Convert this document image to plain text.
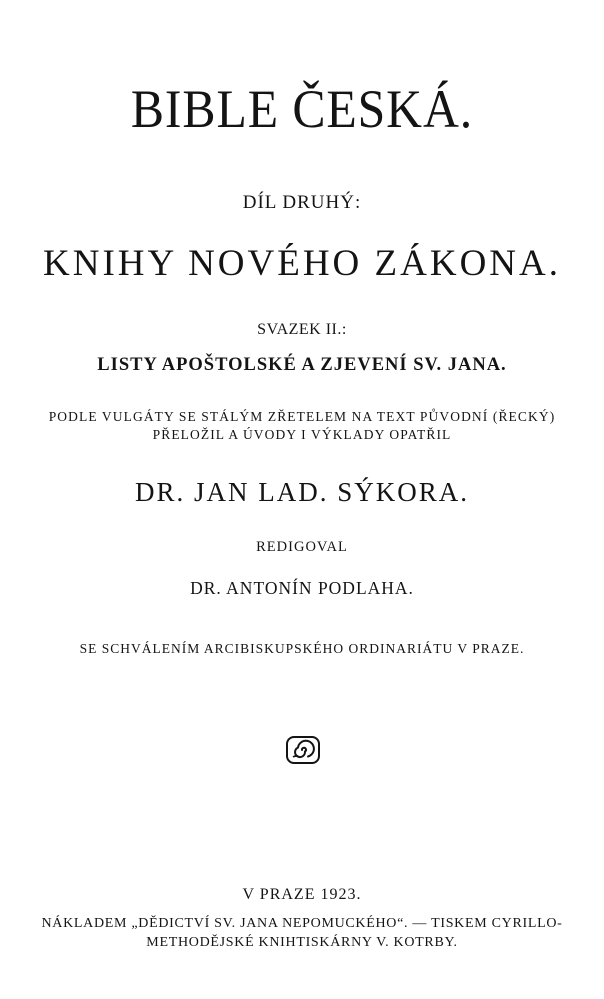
BIBLE ČESKÁ.
DÍL DRUHÝ:
KNIHY NOVÉHO ZÁKONA.
SVAZEK II.:
LISTY APOŠTOLSKÉ A ZJEVENÍ SV. JANA.
PODLE VULGÁTY SE STÁLÝM ZŘETELEM NA TEXT PŮVODNÍ (ŘECKÝ)
PŘELOŽIL A ÚVODY I VÝKLADY OPATŘIL
DR. JAN LAD. SÝKORA.
REDIGOVAL
DR. ANTONÍN PODLAHA.
SE SCHVÁLENÍM ARCIBISKUPSKÉHO ORDINARIÁTU V PRAZE.
V PRAZE 1923.
NÁKLADEM „DĚDICTVÍ SV. JANA NEPOMUCKÉHO“. — TISKEM CYRILLO-
METHODĚJSKÉ KNIHTISKÁRNY V. KOTRBY.
